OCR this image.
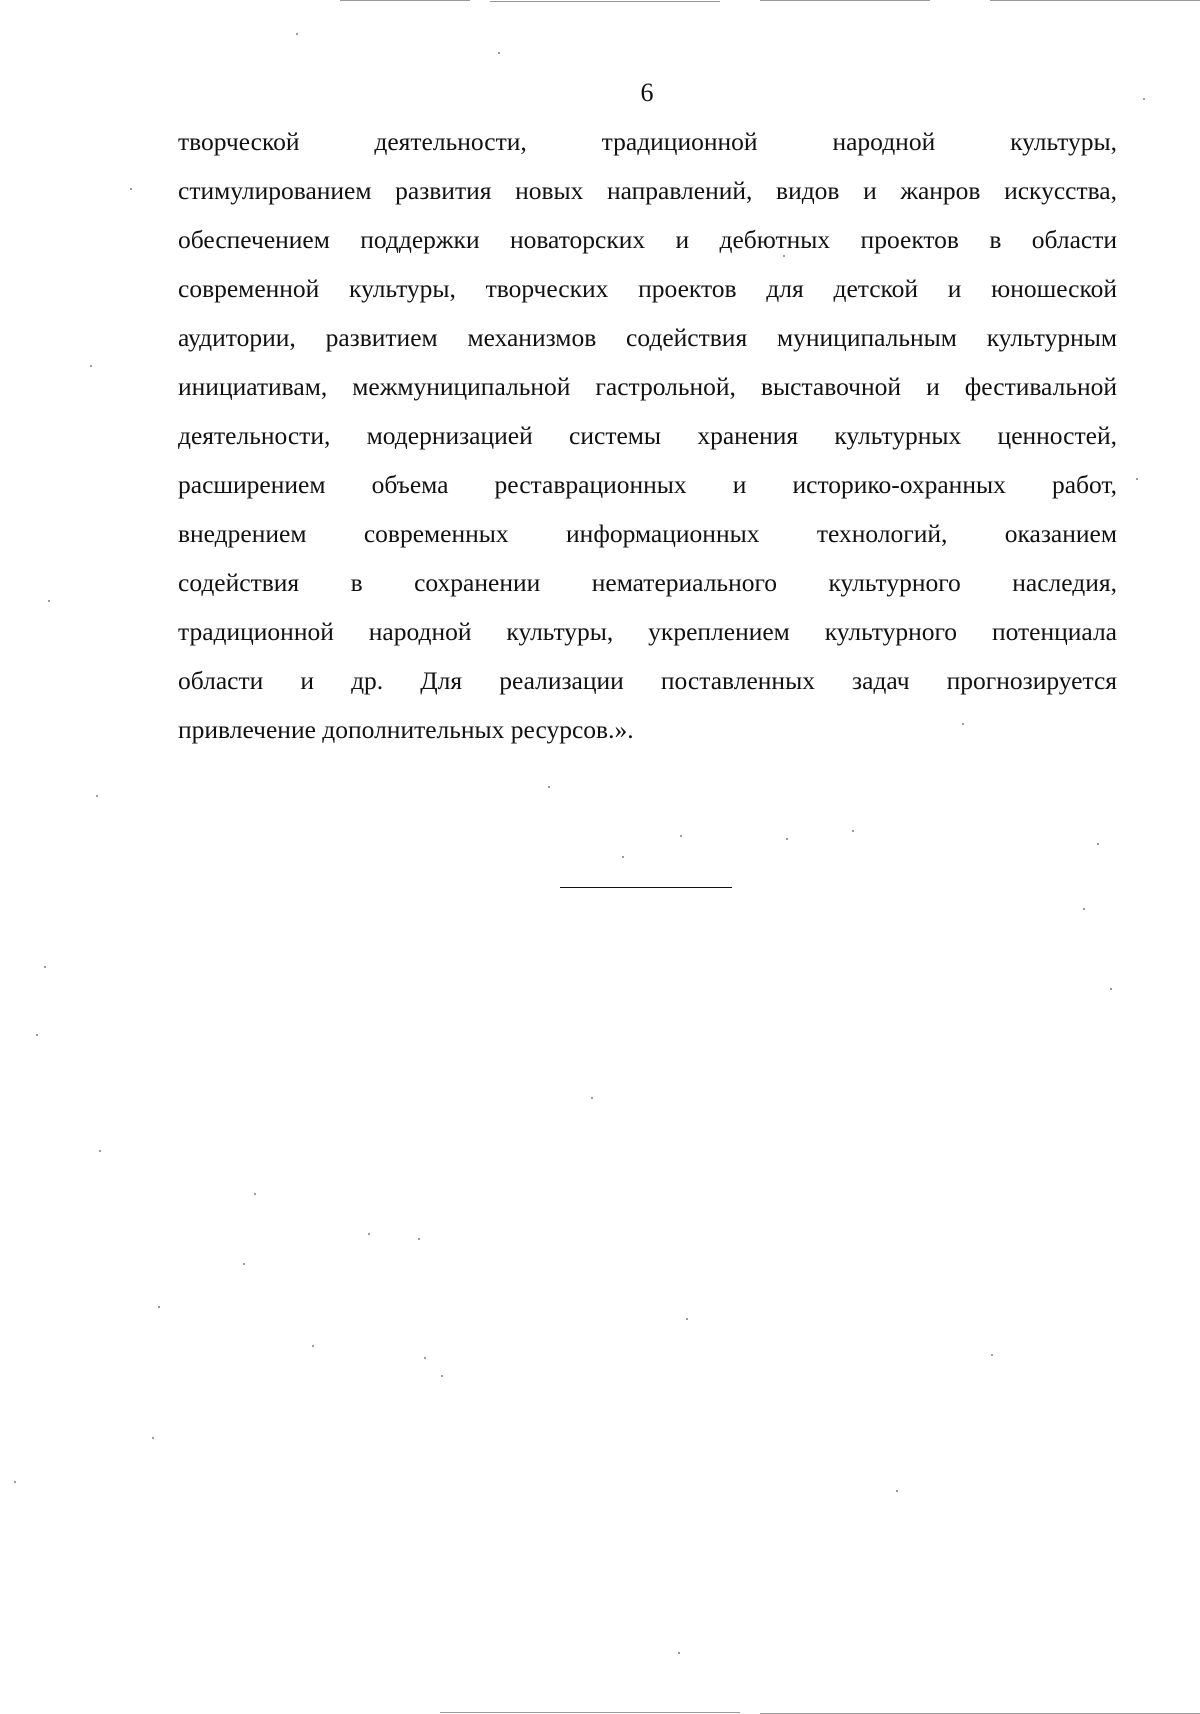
6
творческой деятельности, традиционной народной культуры,
стимулированием развития новых направлений, видов и жанров искусства,
обеспечением поддержки новаторских и дебютных проектов в области
современной культуры, творческих проектов для детской и юношеской
аудитории, развитием механизмов содействия муниципальным культурным
инициативам, межмуниципальной гастрольной, выставочной и фестивальной
деятельности, модернизацией системы хранения культурных ценностей,
расширением объема реставрационных и историко-охранных работ,
внедрением современных информационных технологий, оказанием
содействия в сохранении нематериального культурного наследия,
традиционной народной культуры, укреплением культурного потенциала
области и др. Для реализации поставленных задач прогнозируется
привлечение дополнительных ресурсов.».
